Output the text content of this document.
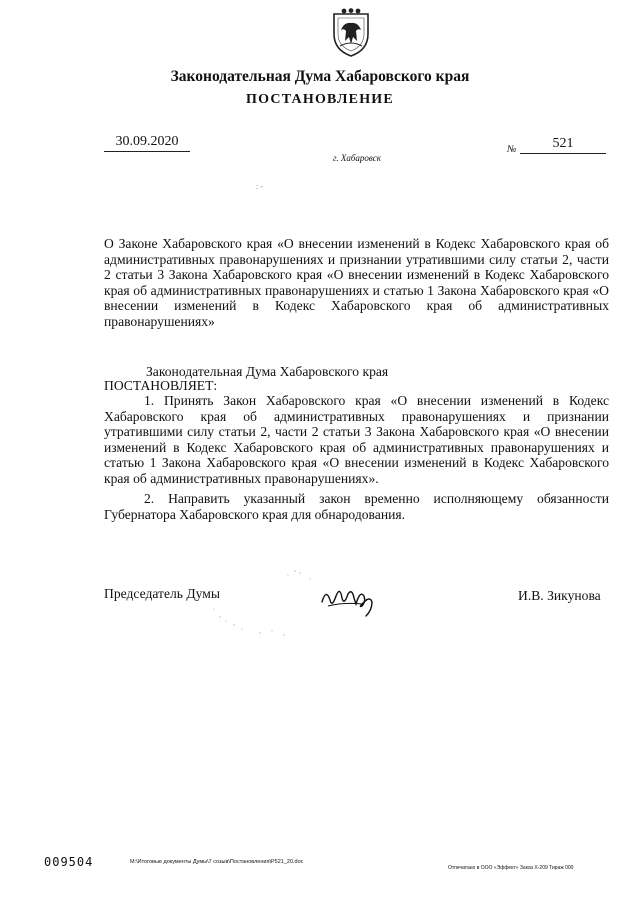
Законодательная Дума Хабаровского края
ПОСТАНОВЛЕНИЕ
30.09.2020
№	521
г. Хабаровск
: -
О Законе Хабаровского края «О внесении изменений в Кодекс Хабаровского края об административных правонарушениях и признании утратившими силу статьи 2, части 2 статьи 3 Закона Хабаровского края «О внесении изменений в Кодекс Хабаровского края об административных правонарушениях и статью 1 Закона Хабаровского края «О внесении изменений в Кодекс Хабаровского края об административных правонарушениях»
Законодательная Дума Хабаровского края
ПОСТАНОВЛЯЕТ:
1. Принять Закон Хабаровского края «О внесении изменений в Кодекс Хабаровского края об административных правонарушениях и признании утратившими силу статьи 2, части 2 статьи 3 Закона Хабаровского края «О внесении изменений в Кодекс Хабаровского края об административных правонарушениях и статью 1 Закона Хабаровского края «О внесении изменений в Кодекс Хабаровского края об административных правонарушениях».
2. Направить указанный закон временно исполняющему обязанности Губернатора Хабаровского края для обнародования.
Председатель Думы	И.В. Зикунова
009504	M:\Итоговые документы Думы\7 созыв\Постановления\P521_20.doc
Отпечатано в ООО «Эффект» Заказ X-209 Тираж 000
